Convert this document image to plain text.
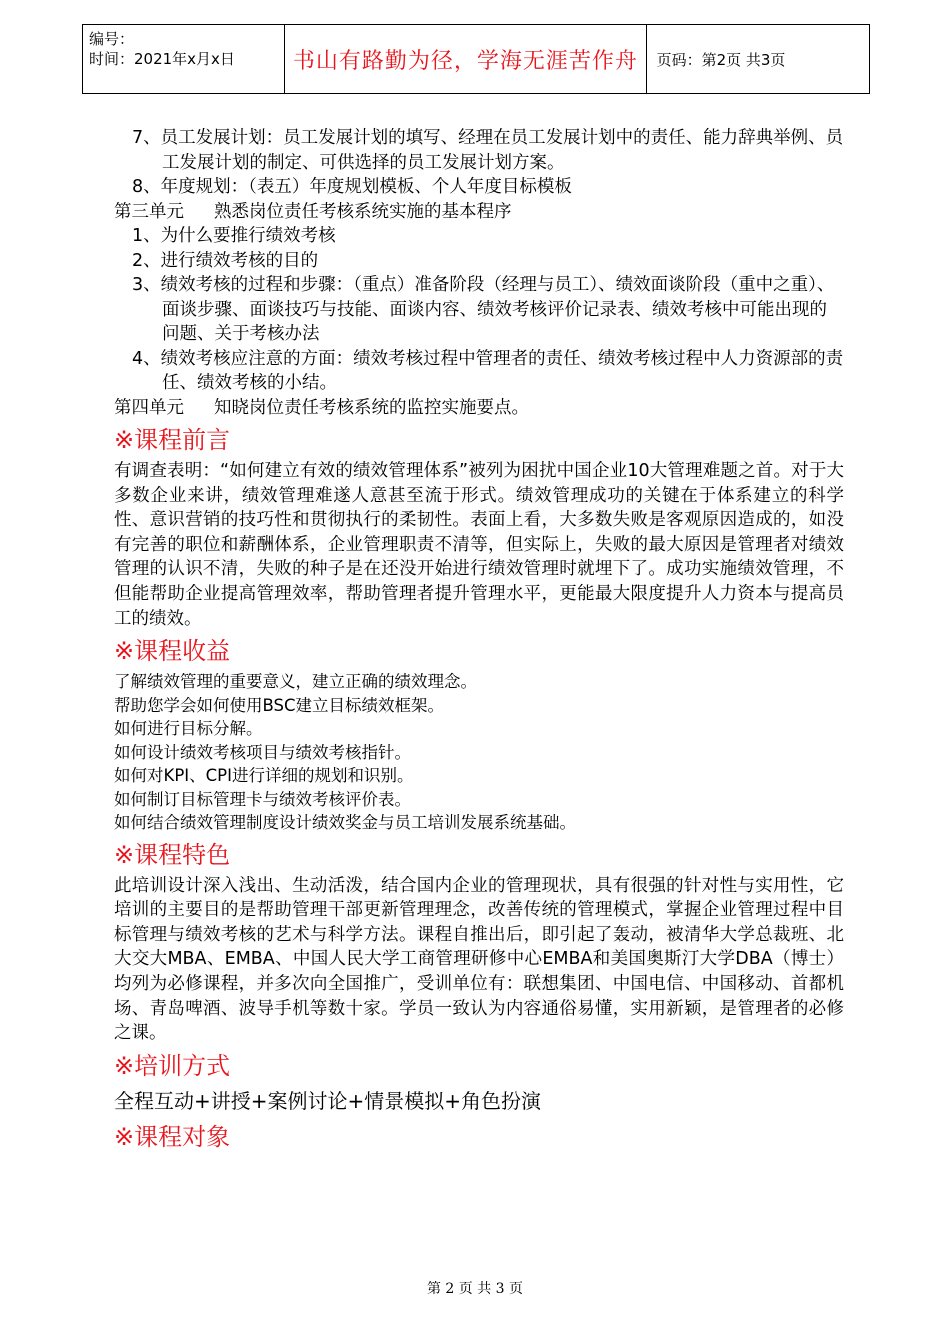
编号：
时间：2021年x月x日	书山有路勤为径，学海无涯苦作舟	页码：第2页 共3页
7、员工发展计划：员工发展计划的填写、经理在员工发展计划中的责任、能力辞典举例、员工发展计划的制定、可供选择的员工发展计划方案。
8、年度规划：（表五）年度规划模板、个人年度目标模板
第三单元 熟悉岗位责任考核系统实施的基本程序
1、为什么要推行绩效考核
2、进行绩效考核的目的
3、绩效考核的过程和步骤：（重点）准备阶段（经理与员工）、绩效面谈阶段（重中之重）、面谈步骤、面谈技巧与技能、面谈内容、绩效考核评价记录表、绩效考核中可能出现的问题、关于考核办法
4、绩效考核应注意的方面：绩效考核过程中管理者的责任、绩效考核过程中人力资源部的责任、绩效考核的小结。
第四单元 知晓岗位责任考核系统的监控实施要点。
※课程前言
有调查表明：“如何建立有效的绩效管理体系”被列为困扰中国企业10大管理难题之首。对于大多数企业来讲，绩效管理难遂人意甚至流于形式。绩效管理成功的关键在于体系建立的科学性、意识营销的技巧性和贯彻执行的柔韧性。表面上看，大多数失败是客观原因造成的，如没有完善的职位和薪酬体系，企业管理职责不清等，但实际上，失败的最大原因是管理者对绩效管理的认识不清，失败的种子是在还没开始进行绩效管理时就埋下了。成功实施绩效管理，不但能帮助企业提高管理效率，帮助管理者提升管理水平，更能最大限度提升人力资本与提高员工的绩效。
※课程收益
了解绩效管理的重要意义，建立正确的绩效理念。
帮助您学会如何使用BSC建立目标绩效框架。
如何进行目标分解。
如何设计绩效考核项目与绩效考核指针。
如何对KPI、CPI进行详细的规划和识别。
如何制订目标管理卡与绩效考核评价表。
如何结合绩效管理制度设计绩效奖金与员工培训发展系统基础。
※课程特色
此培训设计深入浅出、生动活泼，结合国内企业的管理现状，具有很强的针对性与实用性，它培训的主要目的是帮助管理干部更新管理理念，改善传统的管理模式，掌握企业管理过程中目标管理与绩效考核的艺术与科学方法。课程自推出后，即引起了轰动，被清华大学总裁班、北大交大MBA、EMBA、中国人民大学工商管理研修中心EMBA和美国奥斯汀大学DBA（博士）均列为必修课程，并多次向全国推广，受训单位有：联想集团、中国电信、中国移动、首都机场、青岛啤酒、波导手机等数十家。学员一致认为内容通俗易懂，实用新颖，是管理者的必修之课。
※培训方式
全程互动+讲授+案例讨论+情景模拟+角色扮演
※课程对象
第 2 页 共 3 页
